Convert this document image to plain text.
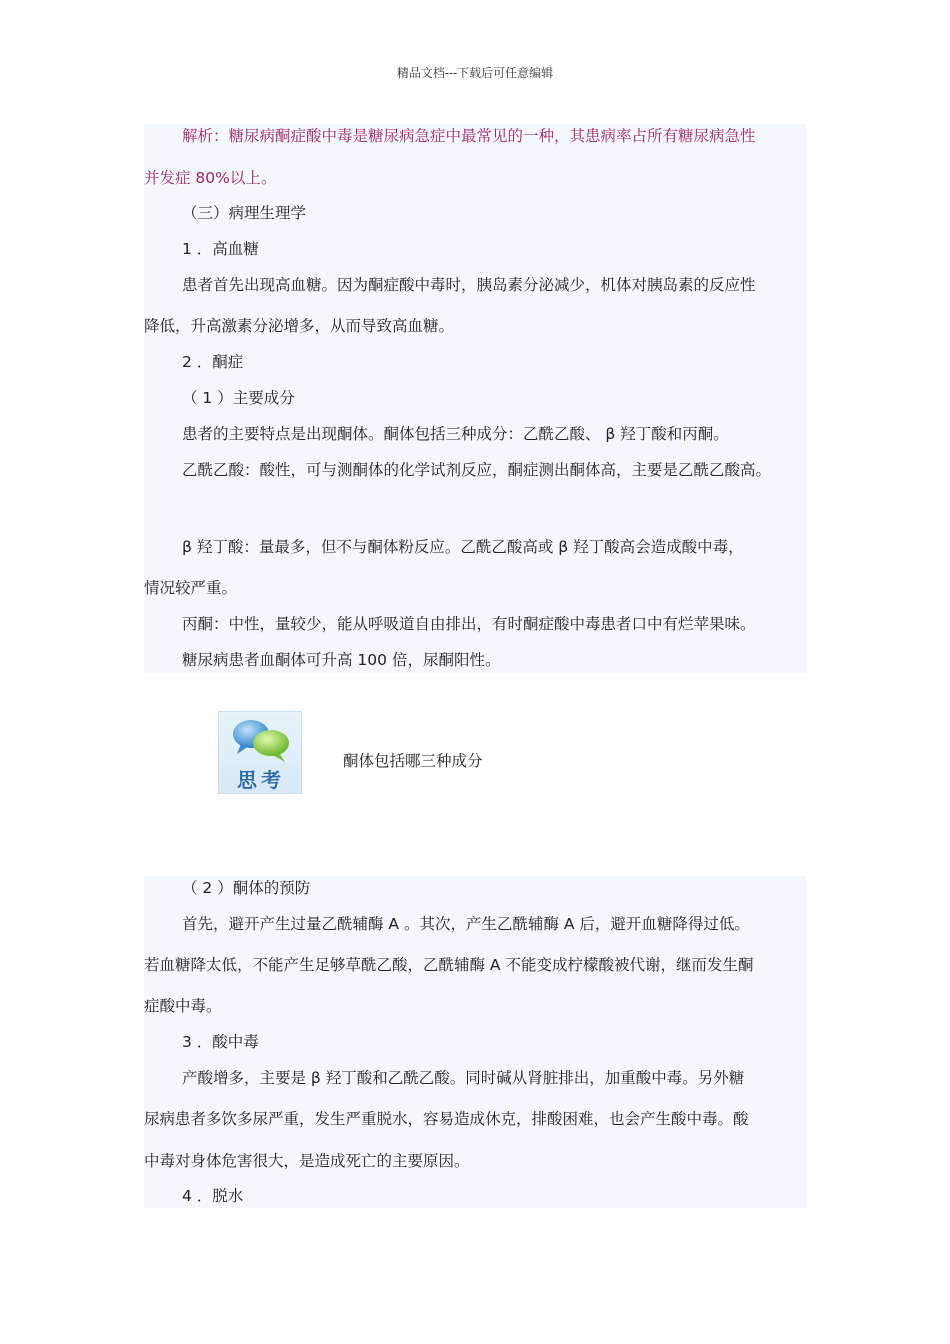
精品文档---下载后可任意编辑
解析：糖尿病酮症酸中毒是糖尿病急症中最常见的一种，其患病率占所有糖尿病急性
并发症 80%以上。
（三）病理生理学
1 ．高血糖
患者首先出现高血糖。因为酮症酸中毒时，胰岛素分泌减少，机体对胰岛素的反应性
降低，升高激素分泌增多，从而导致高血糖。
2 ．酮症
（ 1 ）主要成分
患者的主要特点是出现酮体。酮体包括三种成分：乙酰乙酸、 β 羟丁酸和丙酮。
乙酰乙酸：酸性，可与测酮体的化学试剂反应，酮症测出酮体高，主要是乙酰乙酸高。
β 羟丁酸：量最多，但不与酮体粉反应。乙酰乙酸高或 β 羟丁酸高会造成酸中毒，
情况较严重。
丙酮：中性，量较少，能从呼吸道自由排出，有时酮症酸中毒患者口中有烂苹果味。
糖尿病患者血酮体可升高 100 倍，尿酮阳性。
思考
酮体包括哪三种成分
（ 2 ）酮体的预防
首先，避开产生过量乙酰辅酶 A 。其次，产生乙酰辅酶 A 后，避开血糖降得过低。
若血糖降太低，不能产生足够草酰乙酸，乙酰辅酶 A 不能变成柠檬酸被代谢，继而发生酮
症酸中毒。
3 ．酸中毒
产酸增多，主要是 β 羟丁酸和乙酰乙酸。同时碱从肾脏排出，加重酸中毒。另外糖
尿病患者多饮多尿严重，发生严重脱水，容易造成休克，排酸困难，也会产生酸中毒。酸
中毒对身体危害很大，是造成死亡的主要原因。
4 ．脱水
